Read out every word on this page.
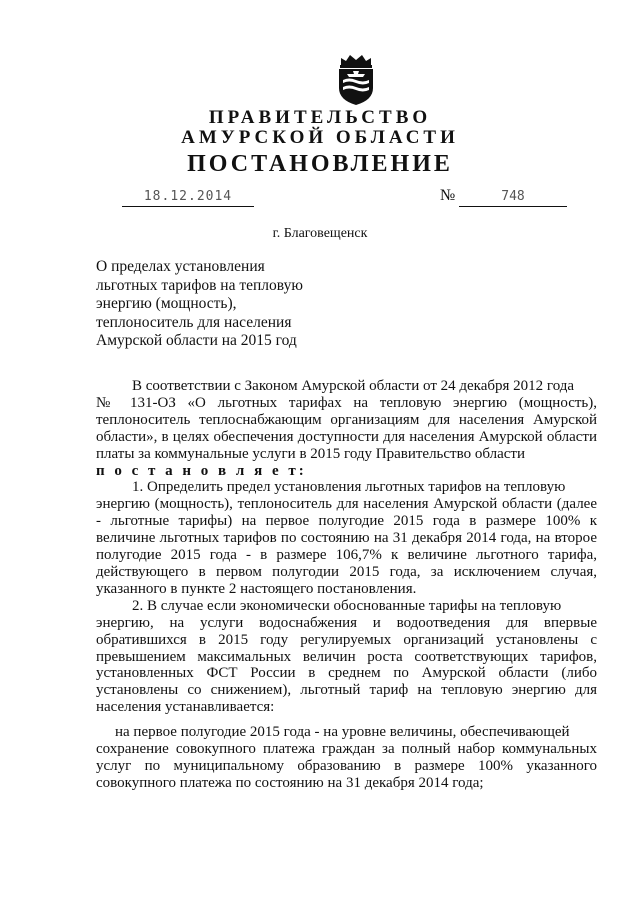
ПРАВИТЕЛЬСТВО
АМУРСКОЙ ОБЛАСТИ
ПОСТАНОВЛЕНИЕ
18.12.2014	№	748
г. Благовещенск
О пределах установления
льготных тарифов на тепловую
энергию (мощность),
теплоноситель для населения
Амурской области на 2015 год
В соответствии с Законом Амурской области от 24 декабря 2012 года
№ 131-ОЗ «О льготных тарифах на тепловую энергию (мощность),
теплоноситель теплоснабжающим организациям для населения Амурской
области», в целях обеспечения доступности для населения Амурской области
платы за коммунальные услуги в 2015 году Правительство области
п о с т а н о в л я е т:
1. Определить предел установления льготных тарифов на тепловую
энергию (мощность), теплоноситель для населения Амурской области (далее
- льготные тарифы) на первое полугодие 2015 года в размере 100% к
величине льготных тарифов по состоянию на 31 декабря 2014 года, на второе
полугодие 2015 года - в размере 106,7% к величине льготного тарифа,
действующего в первом полугодии 2015 года, за исключением случая,
указанного в пункте 2 настоящего постановления.
2. В случае если экономически обоснованные тарифы на тепловую
энергию, на услуги водоснабжения и водоотведения для впервые
обратившихся в 2015 году регулируемых организаций установлены с
превышением максимальных величин роста соответствующих тарифов,
установленных ФСТ России в среднем по Амурской области (либо
установлены со снижением), льготный тариф на тепловую энергию для
населения устанавливается:
на первое полугодие 2015 года - на уровне величины, обеспечивающей
сохранение совокупного платежа граждан за полный набор коммунальных
услуг по муниципальному образованию в размере 100% указанного
совокупного платежа по состоянию на 31 декабря 2014 года;
